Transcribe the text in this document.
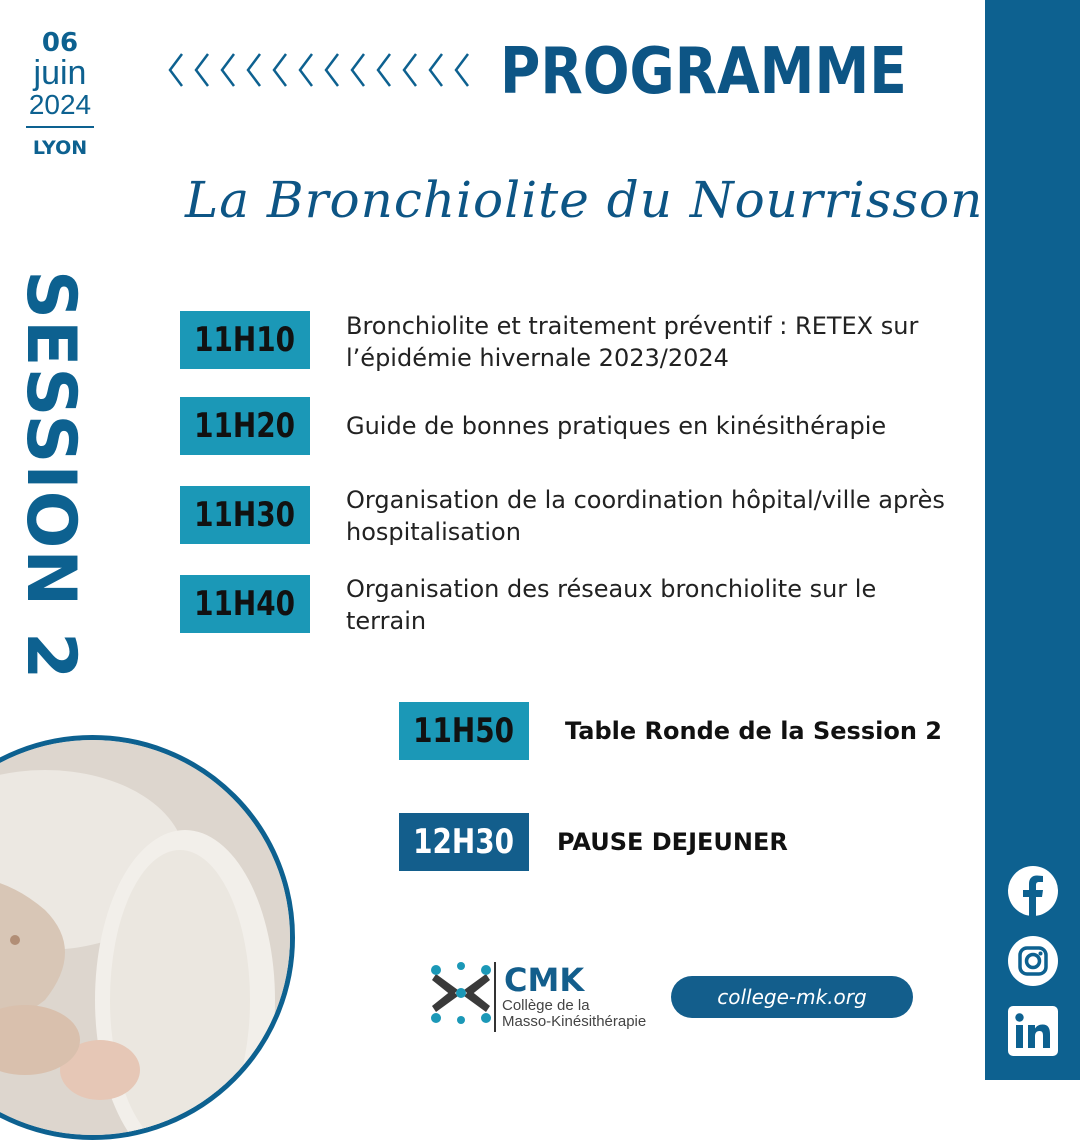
06
juin
2024
LYON
SESSION 2
PROGRAMME
La Bronchiolite du Nourrisson
11H10	Bronchiolite et traitement préventif : RETEX sur l’épidémie hivernale 2023/2024
11H20	Guide de bonnes pratiques en kinésithérapie
11H30	Organisation de la coordination hôpital/ville après hospitalisation
11H40	Organisation des réseaux bronchiolite sur le terrain
11H50	Table Ronde de la Session 2
12H30	PAUSE DEJEUNER
CMK
Collège de la
Masso-Kinésithérapie
college-mk.org
